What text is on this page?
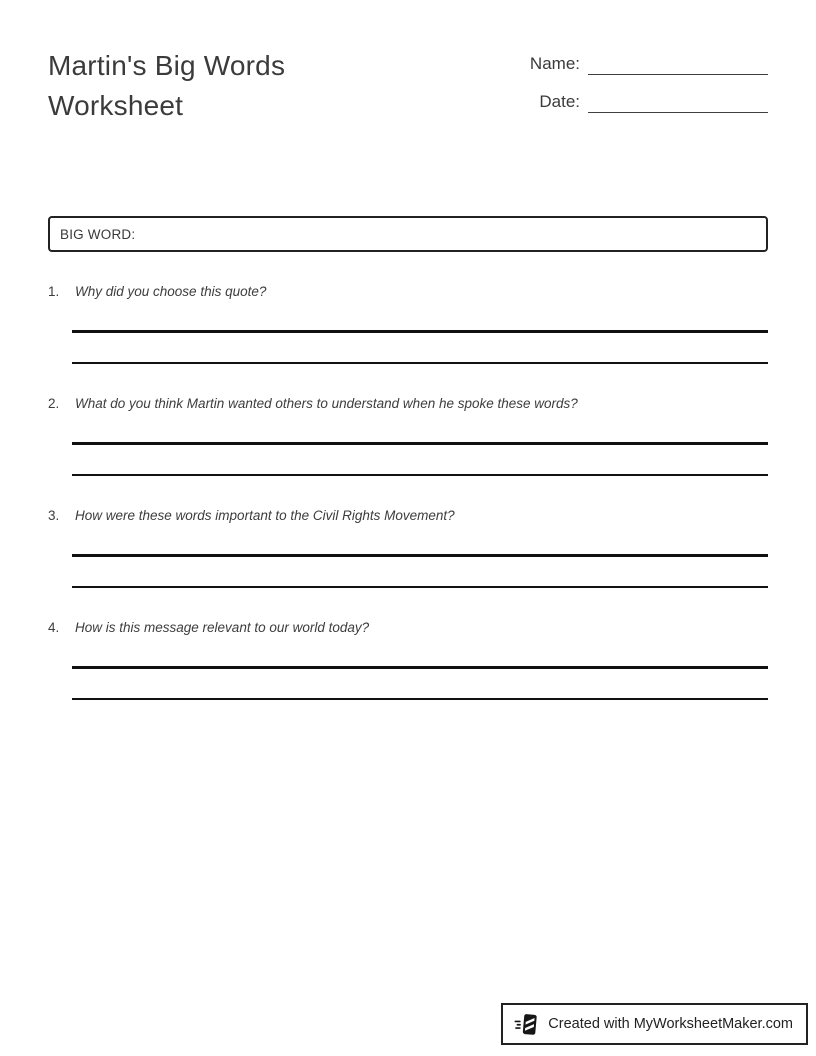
Martin's Big Words Worksheet
Name:
Date:
BIG WORD:
1.	Why did you choose this quote?
2.	What do you think Martin wanted others to understand when he spoke these words?
3.	How were these words important to the Civil Rights Movement?
4.	How is this message relevant to our world today?
Created with MyWorksheetMaker.com
